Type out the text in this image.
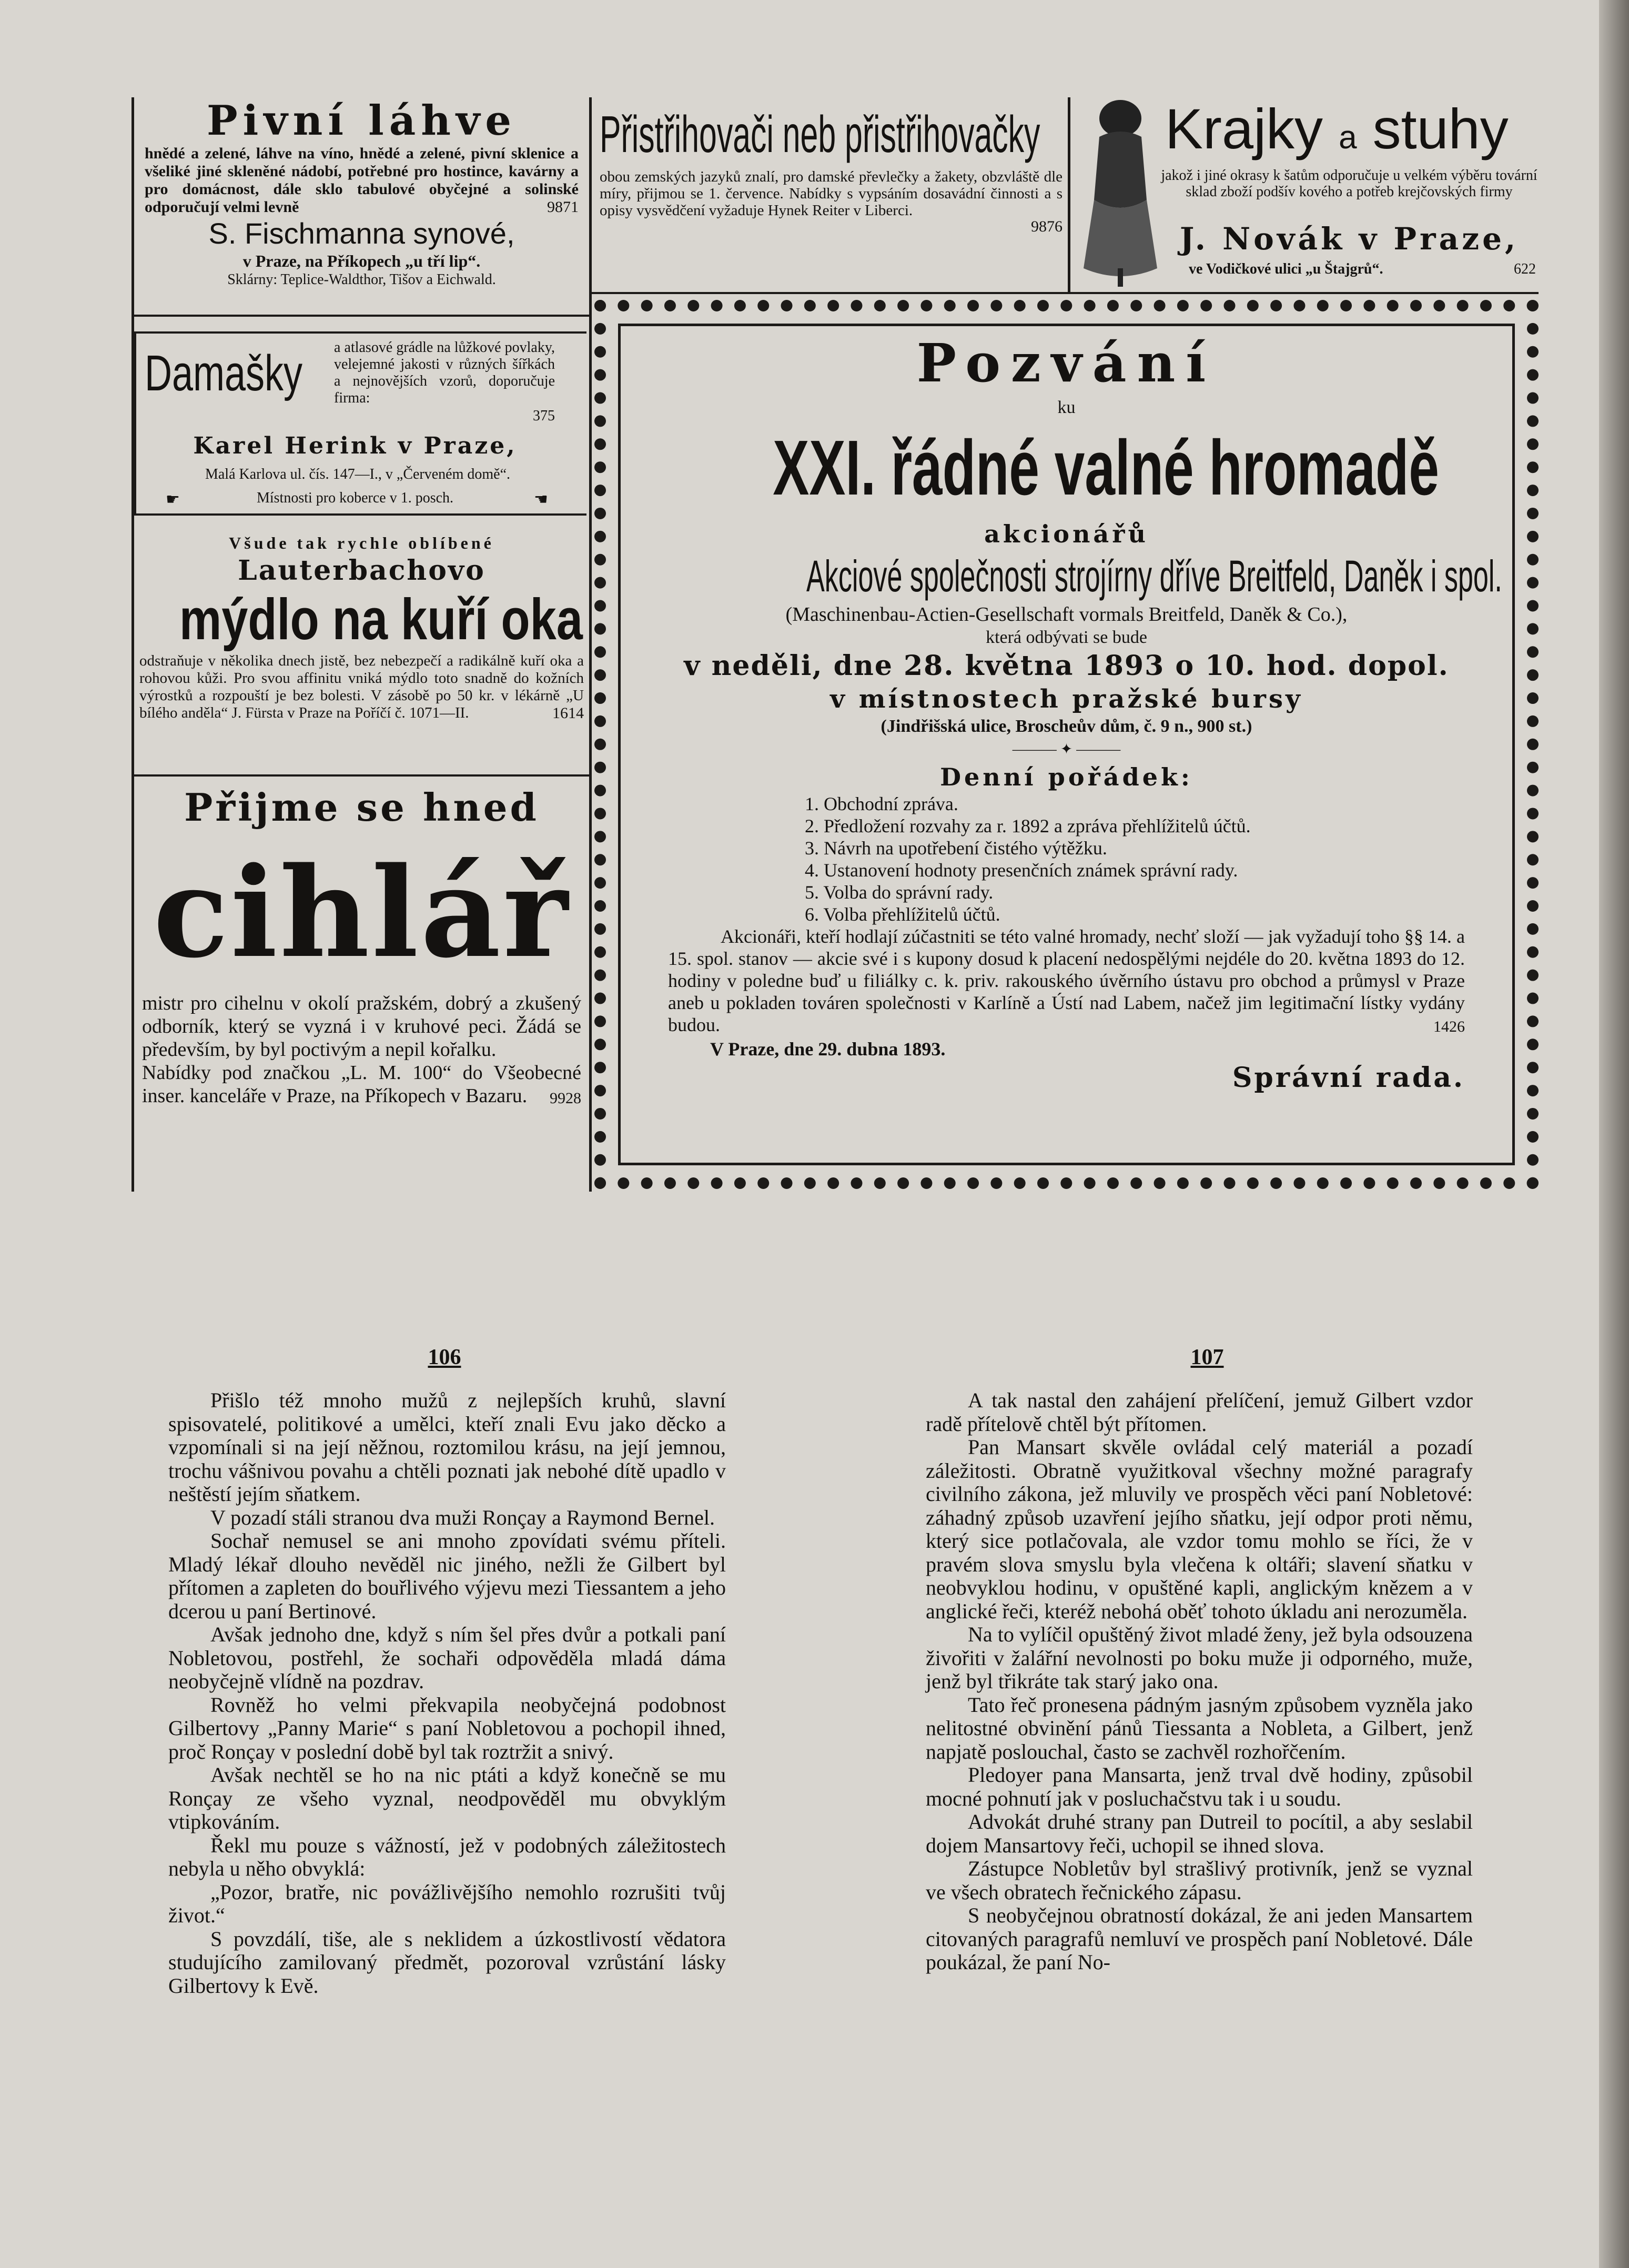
Pivní láhve
hnědé a zelené, láhve na víno, hnědé a zelené, pivní sklenice a všeliké jiné skleněné nádobí, potřebné pro hostince, kavárny a pro domácnost, dále sklo tabulové obyčejné a solinské odporučují velmi levně	9871
S. Fischmanna synové,
v Praze, na Příkopech „u tří lip“.
Sklárny: Teplice-Waldthor, Tišov a Eichwald.
Přistřihovači neb přistřihovačky
obou zemských jazyků znalí, pro damské převlečky a žakety, obzvláště dle míry, přijmou se 1. července. Nabídky s vypsáním dosavádní činnosti a s opisy vysvědčení vyžaduje Hynek Reiter v Liberci.
9876
Krajky a stuhy
jakož i jiné okrasy k šatům odporučuje u velkém výběru tovární sklad zboží podšív kového a potřeb krejčovských firmy
J. Novák v Praze,
ve Vodičkové ulici „u Štajgrů“.	622
Damašky a atlasové grádle na lůžkové povlaky, velejemné jakosti v různých šířkách a nejnovějších vzorů, doporučuje firma:
375
Karel Herink v Praze,
Malá Karlova ul. čís. 147—I., v „Červeném domě“.
Místnosti pro koberce v 1. posch.
☛	☚
Všude tak rychle oblíbené
Lauterbachovo
mýdlo na kuří oka
odstraňuje v několika dnech jistě, bez nebezpečí a radikálně kuří oka a rohovou kůži. Pro svou affinitu vniká mýdlo toto snadně do kožních výrostků a rozpouští je bez bolesti. V zásobě po 50 kr. v lékárně „U bílého anděla“ J. Fürsta v Praze na Poříčí č. 1071—II.	1614
Přijme se hned
cihlář
mistr pro cihelnu v okolí pražském, dobrý a zkušený odborník, který se vyzná i v kruhové peci. Žádá se především, by byl poctivým a nepil kořalku.
Nabídky pod značkou „L. M. 100“ do Všeobecné inser. kanceláře v Praze, na Příkopech v Bazaru.	9928
Pozvání
ku
XXI. řádné valné hromadě
akcionářů
Akciové společnosti strojírny dříve Breitfeld, Daněk i spol.
(Maschinenbau-Actien-Gesellschaft vormals Breitfeld, Daněk & Co.),
která odbývati se bude
v neděli, dne 28. května 1893 o 10. hod. dopol.
v místnostech pražské bursy
(Jindřišská ulice, Broscheův dům, č. 9 n., 900 st.)
——— ✦ ———
Denní pořádek:

1. Obchodní zpráva.

2. Předložení rozvahy za r. 1892 a zpráva přehlížitelů účtů.

3. Návrh na upotřebení čistého výtěžku.

4. Ustanovení hodnoty presenčních známek správní rady.

5. Volba do správní rady.

6. Volba přehlížitelů účtů.

Akcionáři, kteří hodlají zúčastniti se této valné hromady, nechť složí — jak vyžadují toho §§ 14. a 15. spol. stanov — akcie své i s kupony dosud k placení nedospělými nejdéle do 20. května 1893 do 12. hodiny v poledne buď u filiálky c. k. priv. rakouského úvěrního ústavu pro obchod a průmysl v Praze aneb u pokladen továren společnosti v Karlíně a Ústí nad Labem, načež jim legitimační lístky vydány budou.	1426
V Praze, dne 29. dubna 1893.
Správní rada.
106

Přišlo též mnoho mužů z nejlepších kruhů, slavní spisovatelé, politikové a umělci, kteří znali Evu jako děcko a vzpomínali si na její něžnou, roztomilou krásu, na její jemnou, trochu vášnivou povahu a chtěli poznati jak nebohé dítě upadlo v neštěstí jejím sňatkem.

V pozadí stáli stranou dva muži Ronçay a Raymond Bernel.

Sochař nemusel se ani mnoho zpovídati svému příteli. Mladý lékař dlouho nevěděl nic jiného, nežli že Gilbert byl přítomen a zapleten do bouřlivého výjevu mezi Tiessantem a jeho dcerou u paní Bertinové.

Avšak jednoho dne, když s ním šel přes dvůr a potkali paní Nobletovou, postřehl, že sochaři odpověděla mladá dáma neobyčejně vlídně na pozdrav.

Rovněž ho velmi překvapila neobyčejná podobnost Gilbertovy „Panny Marie“ s paní Nobletovou a pochopil ihned, proč Ronçay v poslední době byl tak roztržit a snivý.

Avšak nechtěl se ho na nic ptáti a když konečně se mu Ronçay ze všeho vyznal, neodpověděl mu obvyklým vtipkováním.

Řekl mu pouze s vážností, jež v podobných záležitostech nebyla u něho obvyklá:

„Pozor, bratře, nic povážlivějšího nemohlo rozrušiti tvůj život.“

S povzdálí, tiše, ale s neklidem a úzkostlivostí vědatora studujícího zamilovaný předmět, pozoroval vzrůstání lásky Gilbertovy k Evě.

107

A tak nastal den zahájení přelíčení, jemuž Gilbert vzdor radě přítelově chtěl být přítomen.

Pan Mansart skvěle ovládal celý materiál a pozadí záležitosti. Obratně využitkoval všechny možné paragrafy civilního zákona, jež mluvily ve prospěch věci paní Nobletové: záhadný způsob uzavření jejího sňatku, její odpor proti němu, který sice potlačovala, ale vzdor tomu mohlo se říci, že v pravém slova smyslu byla vlečena k oltáři; slavení sňatku v neobvyklou hodinu, v opuštěné kapli, anglickým knězem a v anglické řeči, kteréž nebohá oběť tohoto úkladu ani nerozuměla.

Na to vylíčil opuštěný život mladé ženy, jež byla odsouzena živořiti v žalářní nevolnosti po boku muže ji odporného, muže, jenž byl třikráte tak starý jako ona.

Tato řeč pronesena pádným jasným způsobem vyzněla jako nelitostné obvinění pánů Tiessanta a Nobleta, a Gilbert, jenž napjatě poslouchal, často se zachvěl rozhořčením.

Pledoyer pana Mansarta, jenž trval dvě hodiny, způsobil mocné pohnutí jak v posluchačstvu tak i u soudu.

Advokát druhé strany pan Dutreil to pocítil, a aby seslabil dojem Mansartovy řeči, uchopil se ihned slova.

Zástupce Nobletův byl strašlivý protivník, jenž se vyznal ve všech obratech řečnického zápasu.

S neobyčejnou obratností dokázal, že ani jeden Mansartem citovaných paragrafů nemluví ve prospěch paní Nobletové. Dále poukázal, že paní No-
